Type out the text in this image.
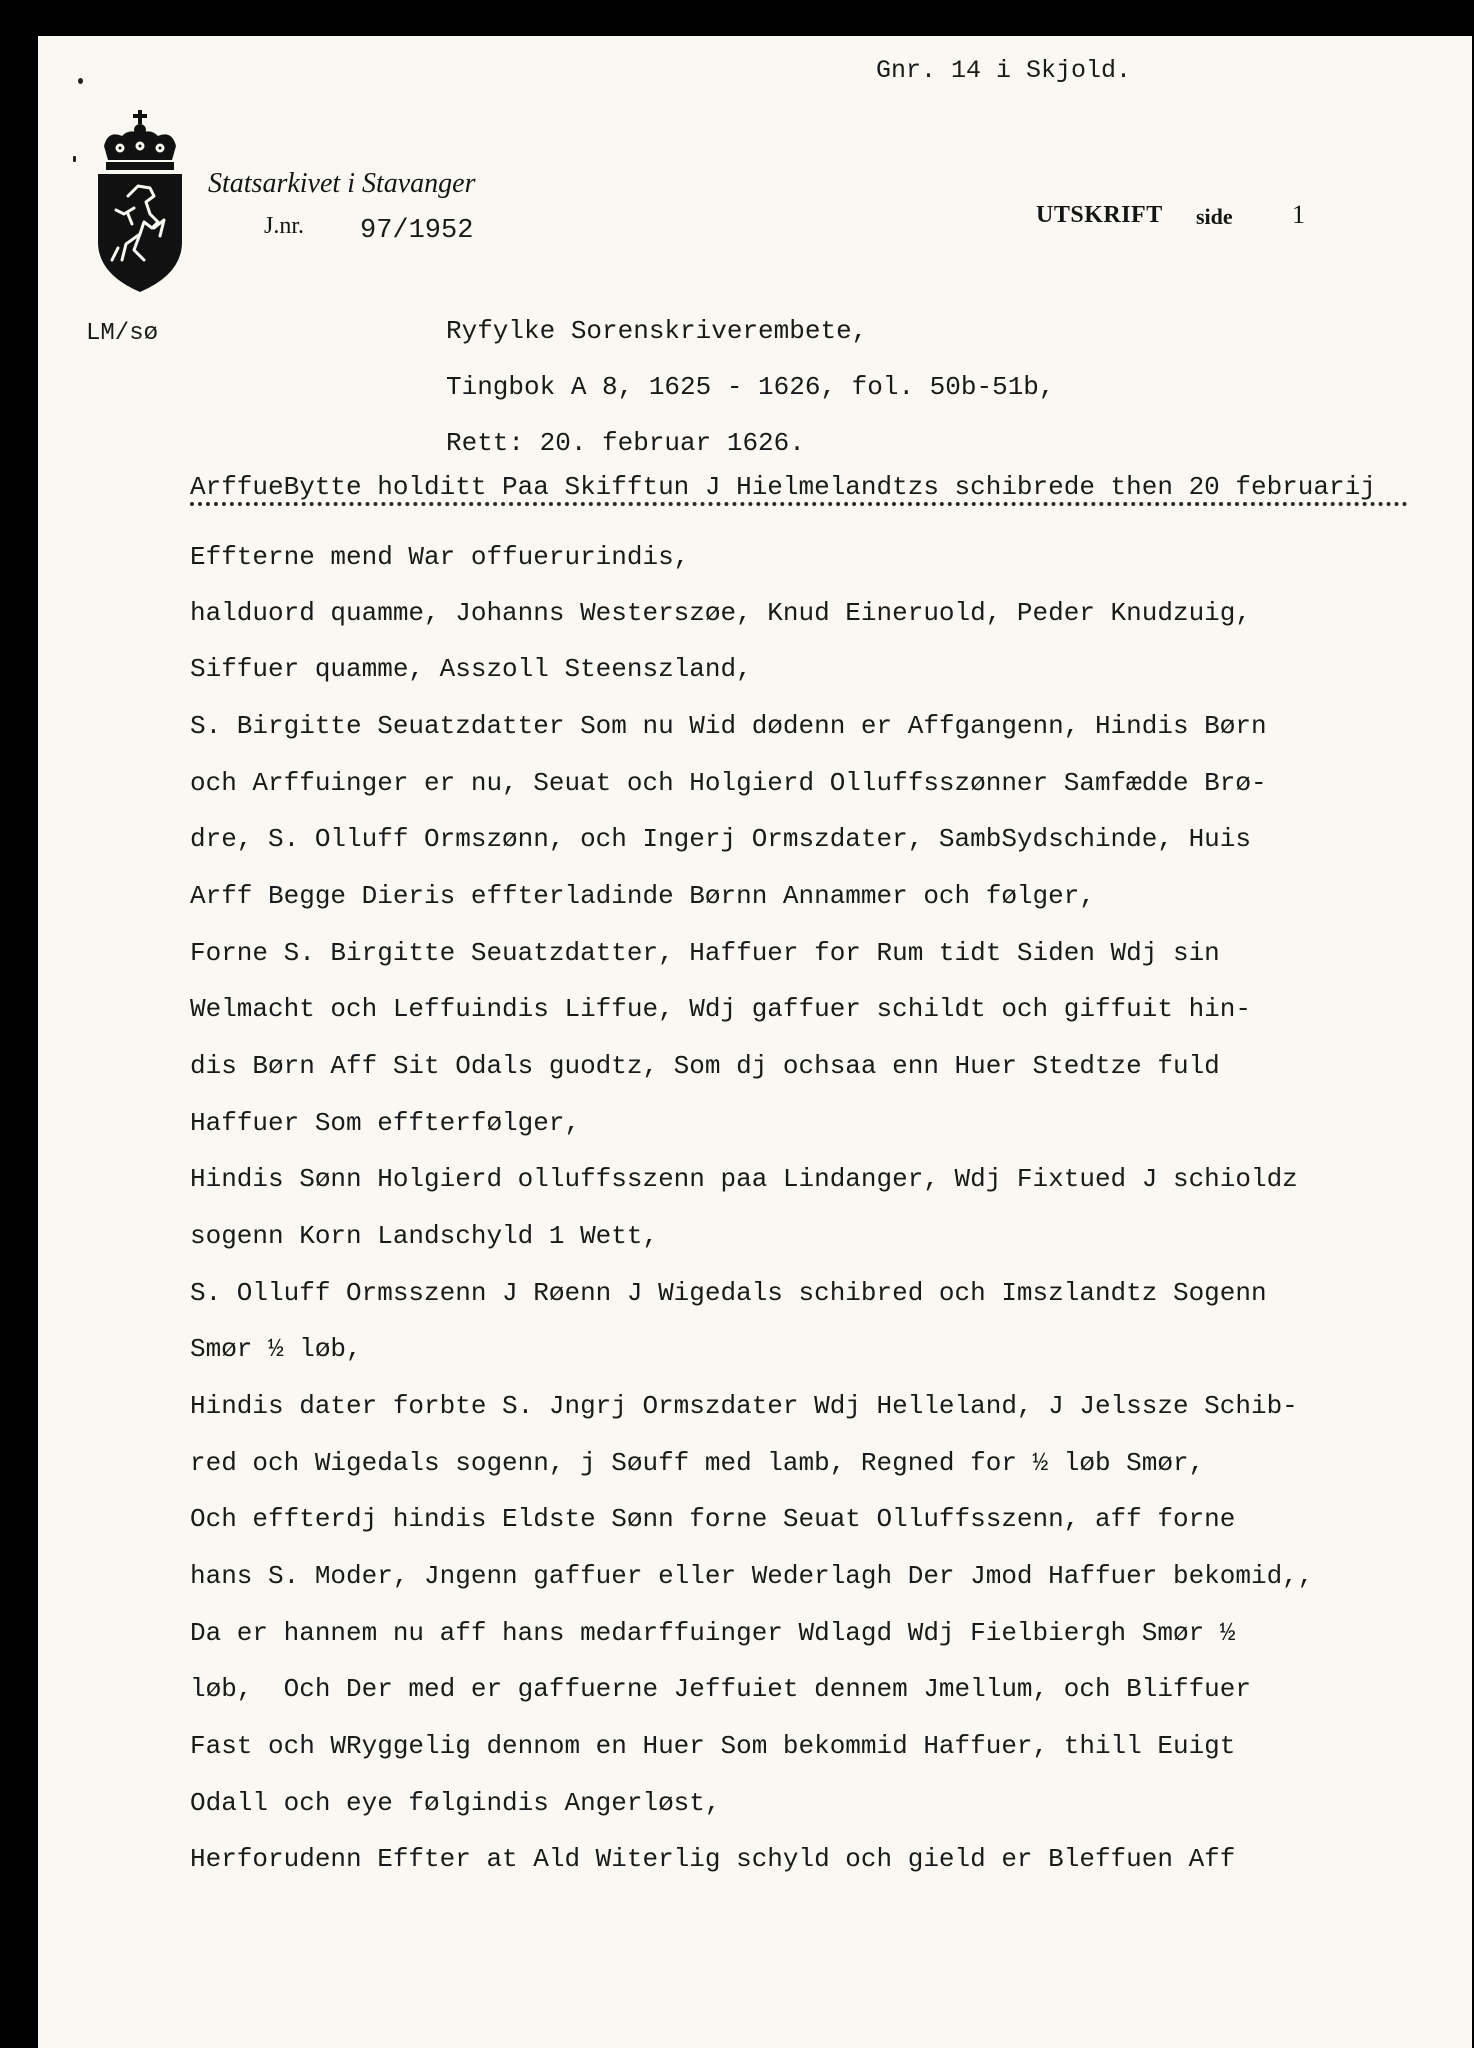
Gnr. 14 i Skjold.
Statsarkivet i Stavanger
J.nr. 97/1952
UTSKRIFT side 1
LM/sø	Ryfylke Sorenskriverembete,
Tingbok A 8, 1625 - 1626, fol. 50b-51b,
Rett: 20. februar 1626.
ArffueBytte holditt Paa Skifftun J Hielmelandtzs schibrede then 20 februarij
Effterne mend War offuerurindis,
halduord quamme, Johanns Westerszøe, Knud Eineruold, Peder Knudzuig,
Siffuer quamme, Asszoll Steenszland,
S. Birgitte Seuatzdatter Som nu Wid dødenn er Affgangenn, Hindis Børn
och Arffuinger er nu, Seuat och Holgierd Olluffsszønner Samfædde Brø-
dre, S. Olluff Ormszønn, och Ingerj Ormszdater, SambSydschinde, Huis
Arff Begge Dieris effterladinde Børnn Annammer och følger,
Forne S. Birgitte Seuatzdatter, Haffuer for Rum tidt Siden Wdj sin
Welmacht och Leffuindis Liffue, Wdj gaffuer schildt och giffuit hin-
dis Børn Aff Sit Odals guodtz, Som dj ochsaa enn Huer Stedtze fuld
Haffuer Som effterfølger,
Hindis Sønn Holgierd olluffsszenn paa Lindanger, Wdj Fixtued J schioldz
sogenn Korn Landschyld 1 Wett,
S. Olluff Ormsszenn J Røenn J Wigedals schibred och Imszlandtz Sogenn
Smør ½ løb,
Hindis dater forbte S. Jngrj Ormszdater Wdj Helleland, J Jelssze Schib-
red och Wigedals sogenn, j Søuff med lamb, Regned for ½ løb Smør,
Och effterdj hindis Eldste Sønn forne Seuat Olluffsszenn, aff forne
hans S. Moder, Jngenn gaffuer eller Wederlagh Der Jmod Haffuer bekomid,,
Da er hannem nu aff hans medarffuinger Wdlagd Wdj Fielbiergh Smør ½
løb,  Och Der med er gaffuerne Jeffuiet dennem Jmellum, och Bliffuer
Fast och WRyggelig dennom en Huer Som bekommid Haffuer, thill Euigt
Odall och eye følgindis Angerløst,
Herforudenn Effter at Ald Witerlig schyld och gield er Bleffuen Aff
